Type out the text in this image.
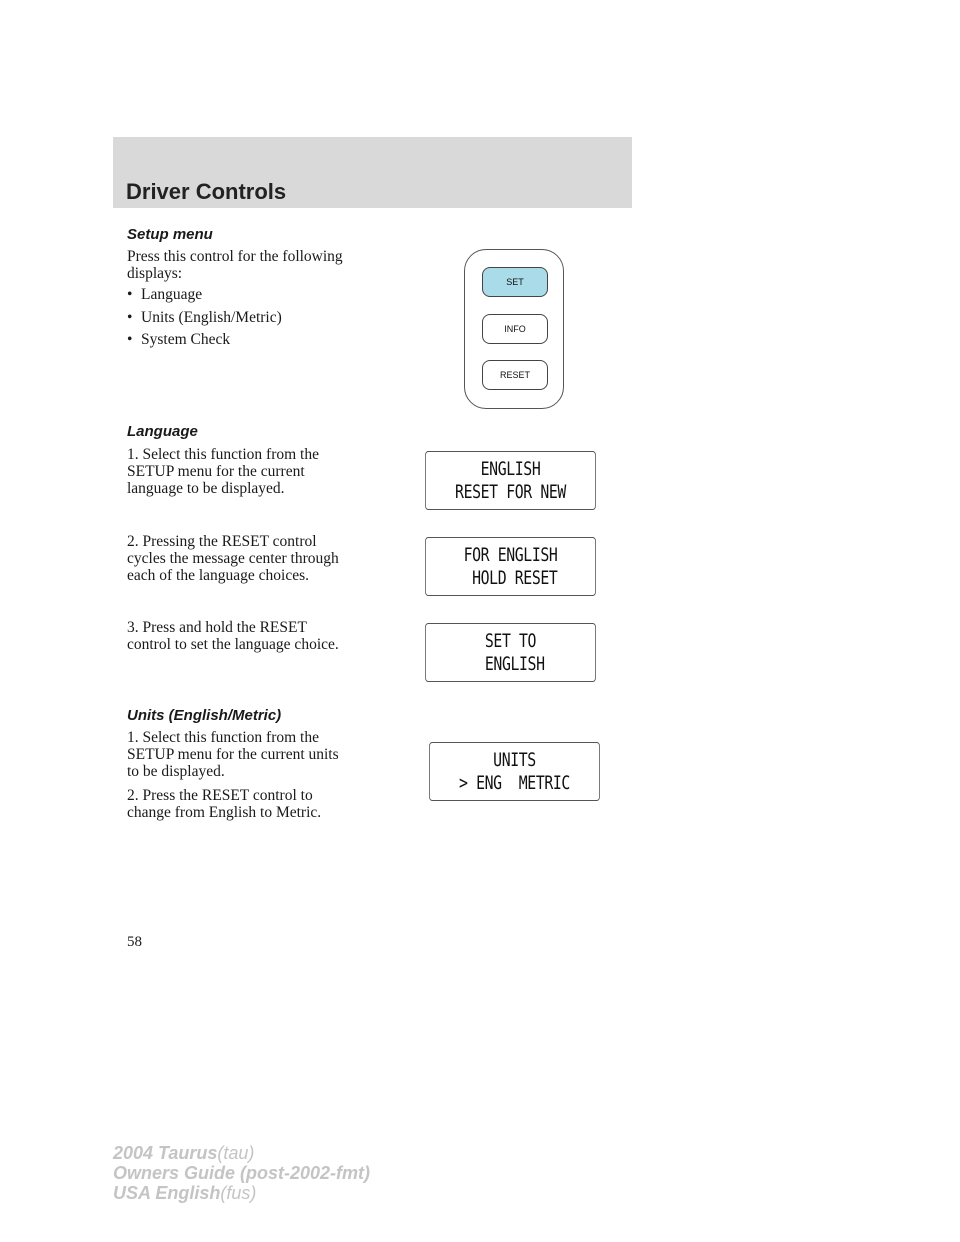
Driver Controls
Setup menu
Press this control for the following
displays:
• Language
• Units (English/Metric)
• System Check
SET
INFO
RESET
Language
1. Select this function from the
SETUP menu for the current
language to be displayed.
2. Pressing the RESET control
cycles the message center through
each of the language choices.
3. Press and hold the RESET
control to set the language choice.
ENGLISH
RESET FOR NEW
FOR ENGLISH
HOLD RESET
SET TO
ENGLISH
Units (English/Metric)
1. Select this function from the
SETUP menu for the current units
to be displayed.
2. Press the RESET control to
change from English to Metric.
UNITS
> ENG  METRIC
58
2004 Taurus(tau)
Owners Guide (post-2002-fmt)
USA English(fus)
